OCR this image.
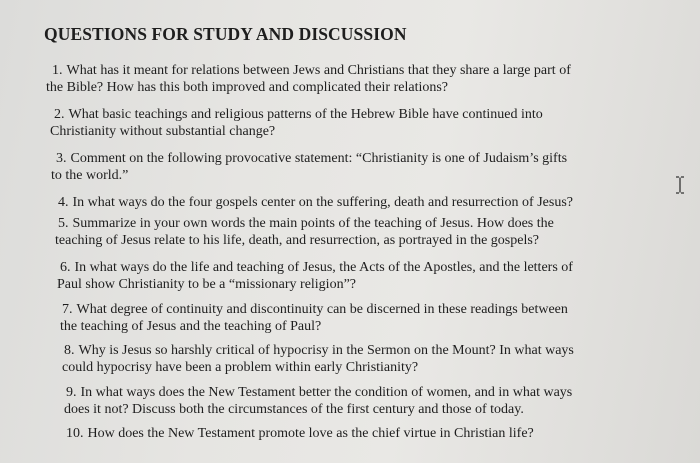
QUESTIONS FOR STUDY AND DISCUSSION
1. What has it meant for relations between Jews and Christians that they share a large part of
the Bible? How has this both improved and complicated their relations?
2. What basic teachings and religious patterns of the Hebrew Bible have continued into
Christianity without substantial change?
3. Comment on the following provocative statement: “Christianity is one of Judaism’s gifts
to the world.”
4. In what ways do the four gospels center on the suffering, death and resurrection of Jesus?
5. Summarize in your own words the main points of the teaching of Jesus. How does the
teaching of Jesus relate to his life, death, and resurrection, as portrayed in the gospels?
6. In what ways do the life and teaching of Jesus, the Acts of the Apostles, and the letters of
Paul show Christianity to be a “missionary religion”?
7. What degree of continuity and discontinuity can be discerned in these readings between
the teaching of Jesus and the teaching of Paul?
8. Why is Jesus so harshly critical of hypocrisy in the Sermon on the Mount? In what ways
could hypocrisy have been a problem within early Christianity?
9. In what ways does the New Testament better the condition of women, and in what ways
does it not? Discuss both the circumstances of the first century and those of today.
10. How does the New Testament promote love as the chief virtue in Christian life?
